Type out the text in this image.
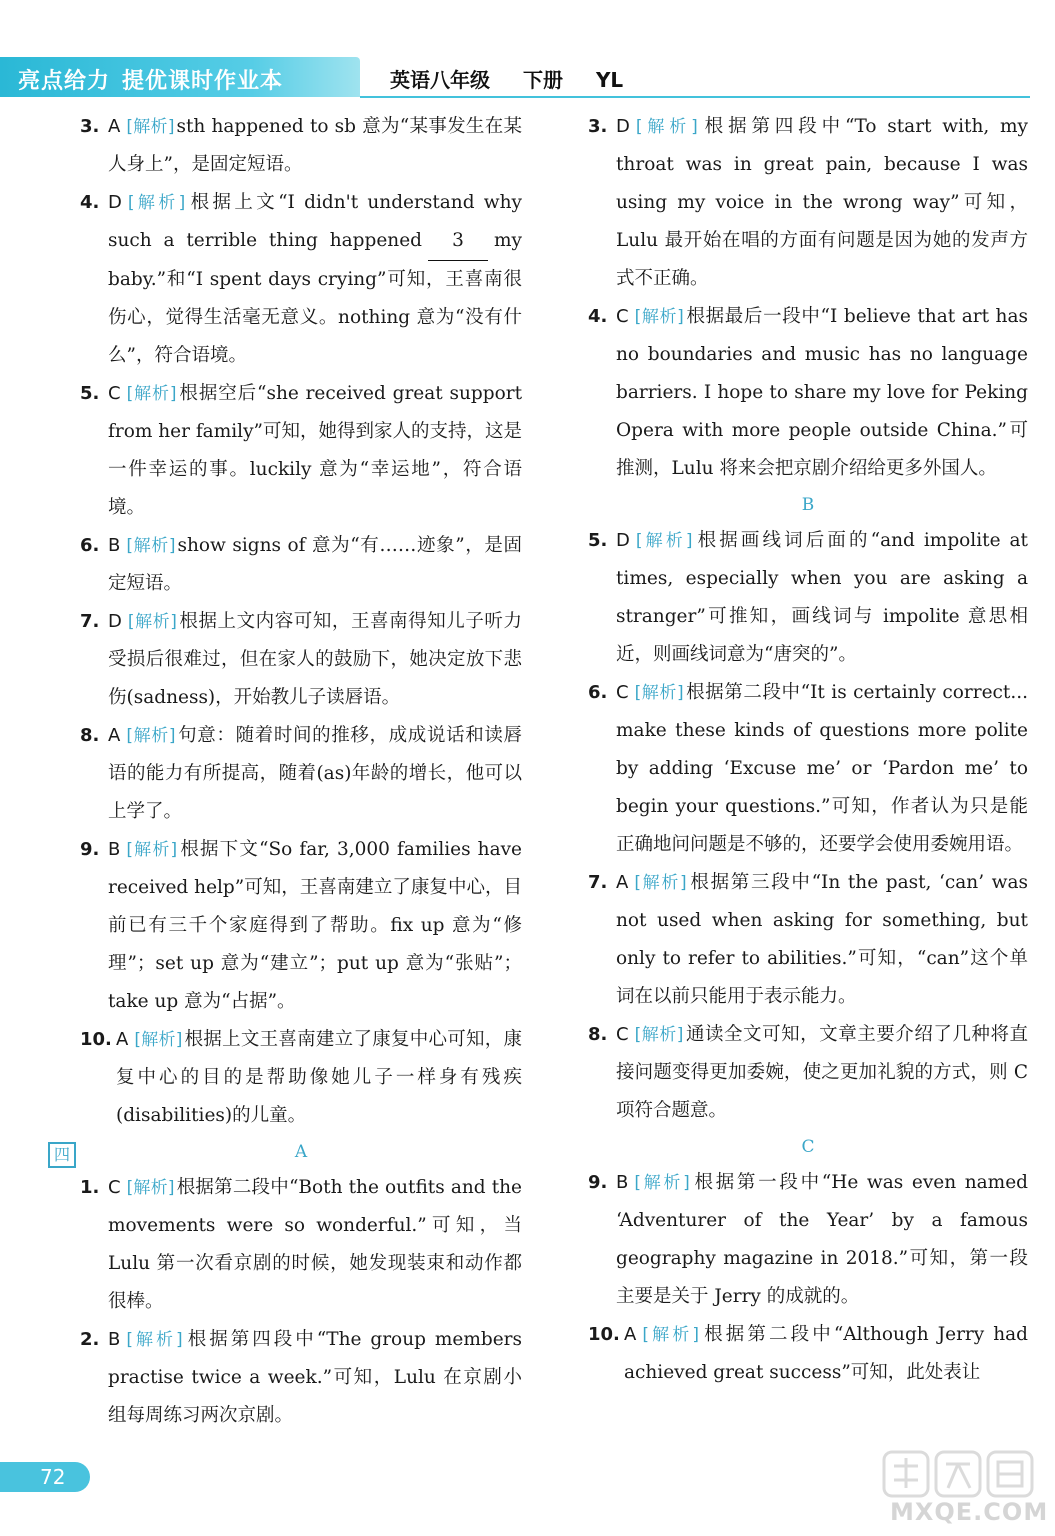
亮点给力 提优课时作业本	英语八年级 下册 YL
3. A [解析] sth happened to sb 意为“某事发生在某人身上”，是固定短语。
4. D [解析] 根据上文“I didn't understand why such a terrible thing happened 3 my baby.”和“I spent days crying”可知，王喜南很伤心，觉得生活毫无意义。nothing 意为“没有什么”，符合语境。
5. C [解析] 根据空后“she received great support from her family”可知，她得到家人的支持，这是一件幸运的事。luckily 意为“幸运地”，符合语境。
6. B [解析] show signs of 意为“有……迹象”，是固定短语。
7. D [解析] 根据上文内容可知，王喜南得知儿子听力受损后很难过，但在家人的鼓励下，她决定放下悲伤(sadness)，开始教儿子读唇语。
8. A [解析] 句意：随着时间的推移，成成说话和读唇语的能力有所提高，随着(as)年龄的增长，他可以上学了。
9. B [解析] 根据下文“So far, 3,000 families have received help”可知，王喜南建立了康复中心，目前已有三千个家庭得到了帮助。fix up 意为“修理”；set up 意为“建立”；put up 意为“张贴”；take up 意为“占据”。
10. A [解析] 根据上文王喜南建立了康复中心可知，康复中心的目的是帮助像她儿子一样身有残疾(disabilities)的儿童。
A
1. C [解析] 根据第二段中“Both the outfits and the movements were so wonderful.”可知，当 Lulu 第一次看京剧的时候，她发现装束和动作都很棒。
2. B [解析] 根据第四段中“The group members practise twice a week.”可知，Lulu 在京剧小组每周练习两次京剧。
四
3. D [解析] 根据第四段中“To start with, my throat was in great pain, because I was using my voice in the wrong way”可知，Lulu 最开始在唱的方面有问题是因为她的发声方式不正确。
4. C [解析] 根据最后一段中“I believe that art has no boundaries and music has no language barriers. I hope to share my love for Peking Opera with more people outside China.”可推测，Lulu 将来会把京剧介绍给更多外国人。
B
5. D [解析] 根据画线词后面的“and impolite at times, especially when you are asking a stranger”可推知，画线词与 impolite 意思相近，则画线词意为“唐突的”。
6. C [解析] 根据第二段中“It is certainly correct... make these kinds of questions more polite by adding ‘Excuse me’ or ‘Pardon me’ to begin your questions.”可知，作者认为只是能正确地问问题是不够的，还要学会使用委婉用语。
7. A [解析] 根据第三段中“In the past, ‘can’ was not used when asking for something, but only to refer to abilities.”可知，“can”这个单词在以前只能用于表示能力。
8. C [解析] 通读全文可知，文章主要介绍了几种将直接问题变得更加委婉，使之更加礼貌的方式，则 C 项符合题意。
C
9. B [解析] 根据第一段中“He was even named ‘Adventurer of the Year’ by a famous geography magazine in 2018.”可知，第一段主要是关于 Jerry 的成就的。
10. A [解析] 根据第二段中“Although Jerry had achieved great success”可知，此处表让
72
MXQE.COM
